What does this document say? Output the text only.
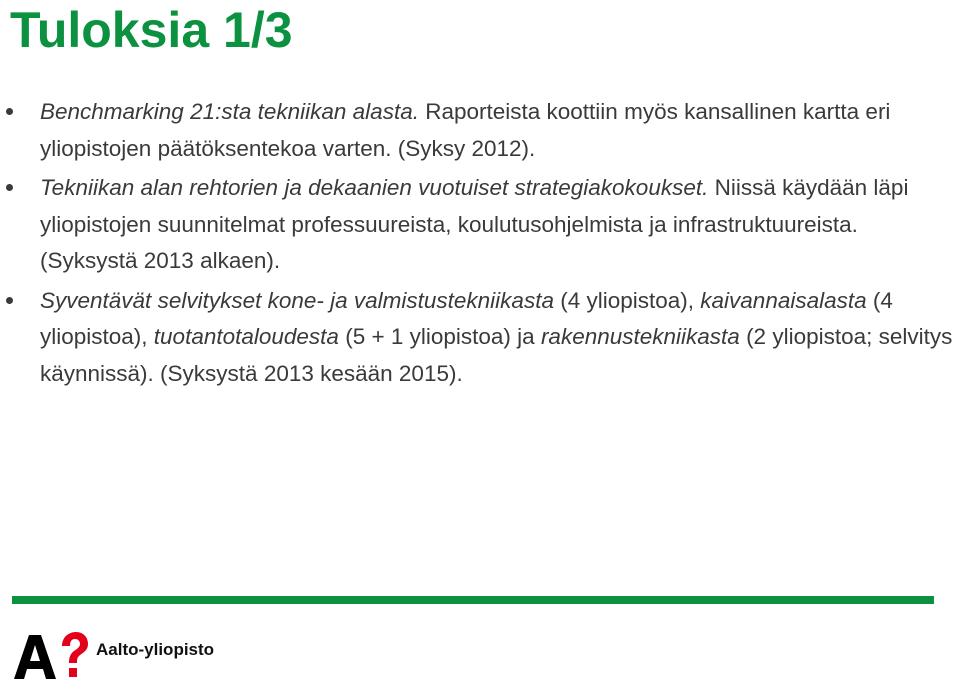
Tuloksia 1/3
Benchmarking 21:sta tekniikan alasta. Raporteista koottiin myös kansallinen kartta eri yliopistojen päätöksentekoa varten. (Syksy 2012).
Tekniikan alan rehtorien ja dekaanien vuotuiset strategiakokoukset. Niissä käydään läpi yliopistojen suunnitelmat professuureista, koulutusohjelmista ja infrastruktuureista. (Syksystä 2013 alkaen).
Syventävät selvitykset kone- ja valmistustekniikasta (4 yliopistoa), kaivannaisalasta (4 yliopistoa), tuotantotaloudesta (5 + 1 yliopistoa) ja rakennustekniikasta (2 yliopistoa; selvitys käynnissä). (Syksystä 2013 kesään 2015).
Aalto-yliopisto
